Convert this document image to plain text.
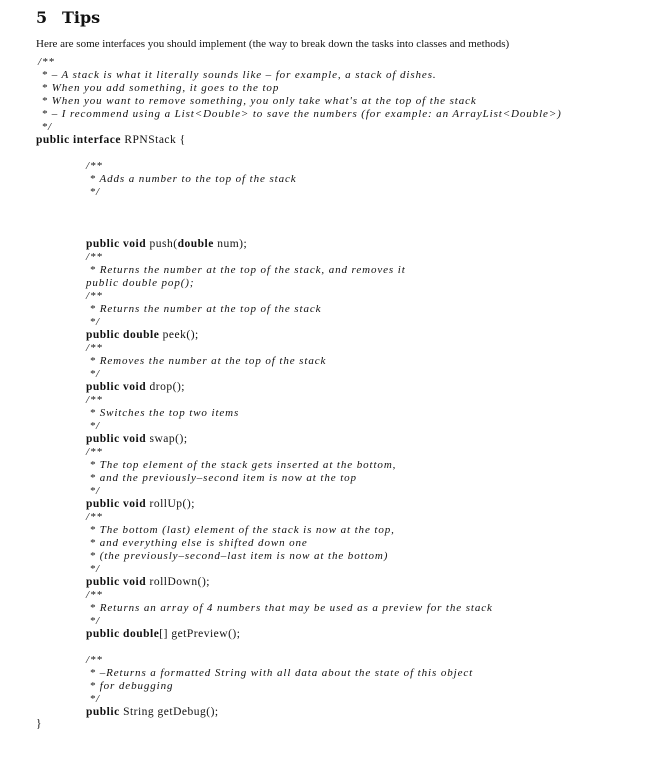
5 Tips
Here are some interfaces you should implement (the way to break down the tasks into classes and methods)
/**
* – A stack is what it literally sounds like – for example, a stack of dishes.
* When you add something, it goes to the top
* When you want to remove something, you only take what's at the top of the stack
* – I recommend using a List<Double> to save the numbers (for example: an ArrayList<Double>)
*/
public interface RPNStack {
/**
* Adds a number to the top of the stack
*/
public void push(double num);
/**
* Returns the number at the top of the stack, and removes it
public double pop();
/**
* Returns the number at the top of the stack
*/
public double peek();
/**
* Removes the number at the top of the stack
*/
public void drop();
/**
* Switches the top two items
*/
public void swap();
/**
* The top element of the stack gets inserted at the bottom,
* and the previously–second item is now at the top
*/
public void rollUp();
/**
* The bottom (last) element of the stack is now at the top,
* and everything else is shifted down one
* (the previously–second–last item is now at the bottom)
*/
public void rollDown();
/**
* Returns an array of 4 numbers that may be used as a preview for the stack
*/
public double[] getPreview();
/**
* –Returns a formatted String with all data about the state of this object
* for debugging
*/
public String getDebug();
}
